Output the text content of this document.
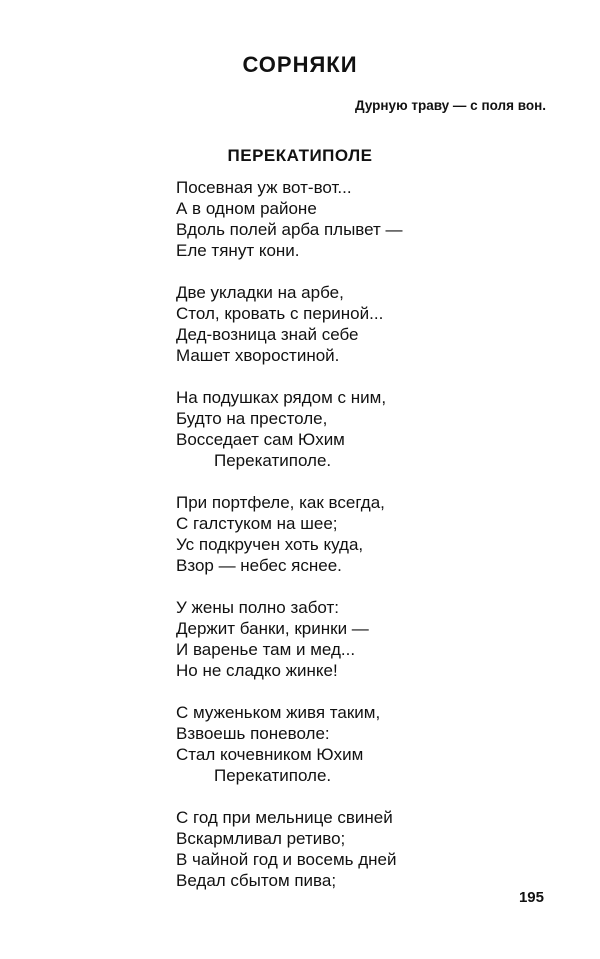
СОРНЯКИ

Дурную траву — с поля вон.

ПЕРЕКАТИПОЛЕ
Посевная уж вот-вот...
А в одном районе
Вдоль полей арба плывет —
Еле тянут кони.
Две укладки на арбе,
Стол, кровать с периной...
Дед-возница знай себе
Машет хворостиной.
На подушках рядом с ним,
Будто на престоле,
Восседает сам Юхим
Перекатиполе.
При портфеле, как всегда,
С галстуком на шее;
Ус подкручен хоть куда,
Взор — небес яснее.
У жены полно забот:
Держит банки, кринки —
И варенье там и мед...
Но не сладко жинке!
С муженьком живя таким,
Взвоешь поневоле:
Стал кочевником Юхим
Перекатиполе.
С год при мельнице свиней
Вскармливал ретиво;
В чайной год и восемь дней
Ведал сбытом пива;
195
